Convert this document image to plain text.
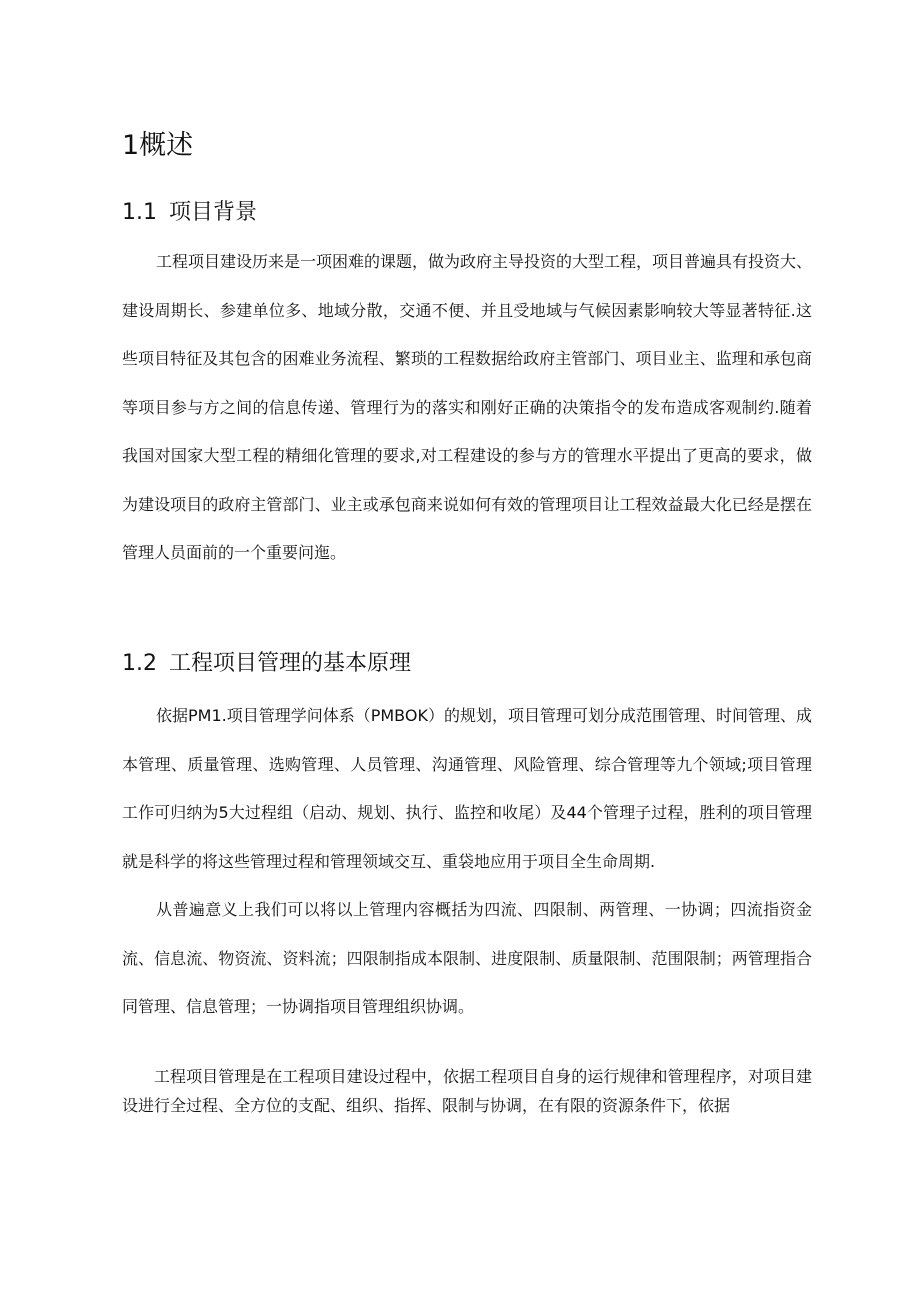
1概述
1.1 项目背景
工程项目建设历来是一项困难的课题，做为政府主导投资的大型工程，项目普遍具有投资大、建设周期长、参建单位多、地域分散，交通不便、并且受地域与气候因素影响较大等显著特征.这些项目特征及其包含的困难业务流程、繁琐的工程数据给政府主管部门、项目业主、监理和承包商等项目参与方之间的信息传递、管理行为的落实和刚好正确的决策指令的发布造成客观制约.随着我国对国家大型工程的精细化管理的要求,对工程建设的参与方的管理水平提出了更高的要求，做为建设项目的政府主管部门、业主或承包商来说如何有效的管理项目让工程效益最大化已经是摆在管理人员面前的一个重要问迤。
1.2 工程项目管理的基本原理
依据PM1.项目管理学问体系（PMBOK）的规划，项目管理可划分成范围管理、时间管理、成本管理、质量管理、选购管理、人员管理、沟通管理、风险管理、综合管理等九个领域;项目管理工作可归纳为5大过程组（启动、规划、执行、监控和收尾）及44个管理子过程，胜利的项目管理就是科学的将这些管理过程和管理领域交互、重袋地应用于项目全生命周期.
从普遍意义上我们可以将以上管理内容概括为四流、四限制、两管理、一协调；四流指资金流、信息流、物资流、资料流；四限制指成本限制、进度限制、质量限制、范围限制；两管理指合同管理、信息管理；一协调指项目管理组织协调。
工程项目管理是在工程项目建设过程中，依据工程项目自身的运行规律和管理程序，对项目建设进行全过程、全方位的支配、组织、指挥、限制与协调，在有限的资源条件下，依据
